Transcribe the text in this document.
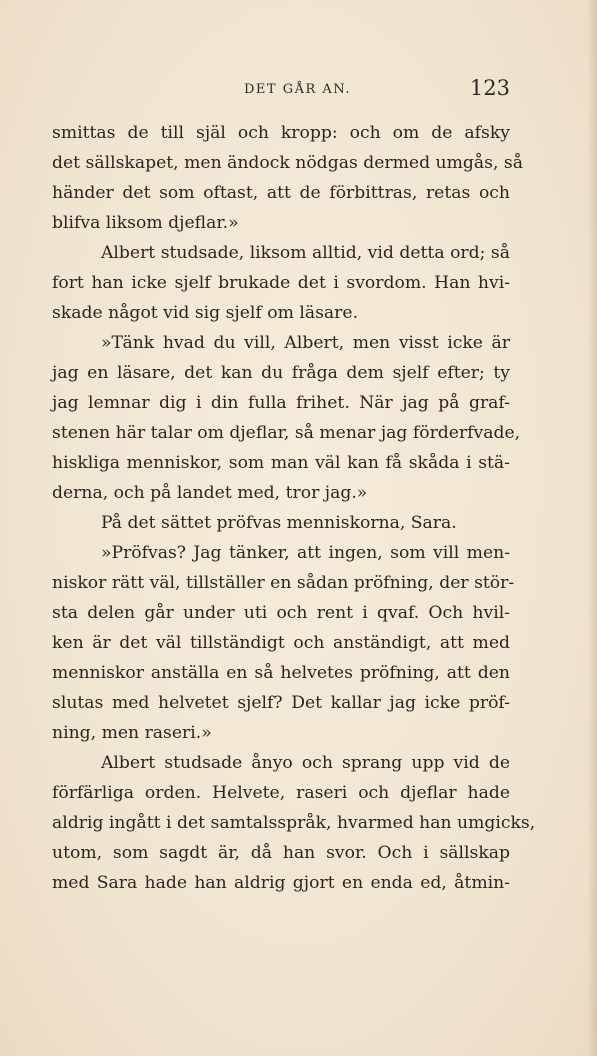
DET GÅR AN.	123
smittas de till själ och kropp: och om de afsky
det sällskapet, men ändock nödgas dermed umgås, så
händer det som oftast, att de förbittras, retas och
blifva liksom djeflar.»
Albert studsade, liksom alltid, vid detta ord; så
fort han icke sjelf brukade det i svordom. Han hvi-
skade något vid sig sjelf om läsare.
»Tänk hvad du vill, Albert, men visst icke är
jag en läsare, det kan du fråga dem sjelf efter; ty
jag lemnar dig i din fulla frihet. När jag på graf-
stenen här talar om djeflar, så menar jag förderfvade,
hiskliga menniskor, som man väl kan få skåda i stä-
derna, och på landet med, tror jag.»
På det sättet pröfvas menniskorna, Sara.
»Pröfvas? Jag tänker, att ingen, som vill men-
niskor rätt väl, tillställer en sådan pröfning, der stör-
sta delen går under uti och rent i qvaf. Och hvil-
ken är det väl tillständigt och anständigt, att med
menniskor anställa en så helvetes pröfning, att den
slutas med helvetet sjelf? Det kallar jag icke pröf-
ning, men raseri.»
Albert studsade ånyo och sprang upp vid de
förfärliga orden. Helvete, raseri och djeflar hade
aldrig ingått i det samtalsspråk, hvarmed han umgicks,
utom, som sagdt är, då han svor. Och i sällskap
med Sara hade han aldrig gjort en enda ed, åtmin-
